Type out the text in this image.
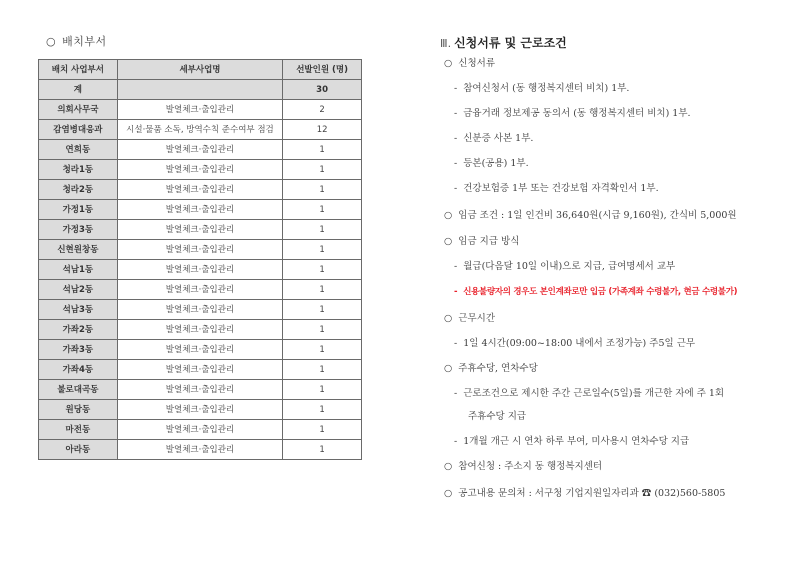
○ 배치부서
배치 사업부서	세부사업명	선발인원 (명)
계		30
의회사무국	발열체크·출입관리	2
감염병대응과	시설·물품 소독, 방역수칙 준수여부 점검	12
연희동	발열체크·출입관리	1
청라1동	발열체크·출입관리	1
청라2동	발열체크·출입관리	1
가정1동	발열체크·출입관리	1
가정3동	발열체크·출입관리	1
신현원창동	발열체크·출입관리	1
석남1동	발열체크·출입관리	1
석남2동	발열체크·출입관리	1
석남3동	발열체크·출입관리	1
가좌2동	발열체크·출입관리	1
가좌3동	발열체크·출입관리	1
가좌4동	발열체크·출입관리	1
불로대곡동	발열체크·출입관리	1
원당동	발열체크·출입관리	1
마전동	발열체크·출입관리	1
아라동	발열체크·출입관리	1
Ⅲ. 신청서류 및 근로조건
○ 신청서류
- 참여신청서 (동 행정복지센터 비치) 1부.
- 금융거래 정보제공 동의서 (동 행정복지센터 비치) 1부.
- 신분증 사본 1부.
- 등본(공용) 1부.
- 건강보험증 1부 또는 건강보험 자격확인서 1부.
○ 임금 조건 : 1일 인건비 36,640원(시급 9,160원), 간식비 5,000원
○ 임금 지급 방식
- 월급(다음달 10일 이내)으로 지급, 급여명세서 교부
- 신용불량자의 경우도 본인계좌로만 입금 (가족계좌 수령불가, 현금 수령불가)
○ 근무시간
- 1일 4시간(09:00~18:00 내에서 조정가능) 주5일 근무
○ 주휴수당, 연차수당
- 근로조건으로 제시한 주간 근로일수(5일)를 개근한 자에 주 1회
주휴수당 지급
- 1개월 개근 시 연차 하루 부여, 미사용시 연차수당 지급
○ 참여신청 : 주소지 동 행정복지센터
○ 공고내용 문의처 : 서구청 기업지원일자리과 ☎ (032)560-5805
